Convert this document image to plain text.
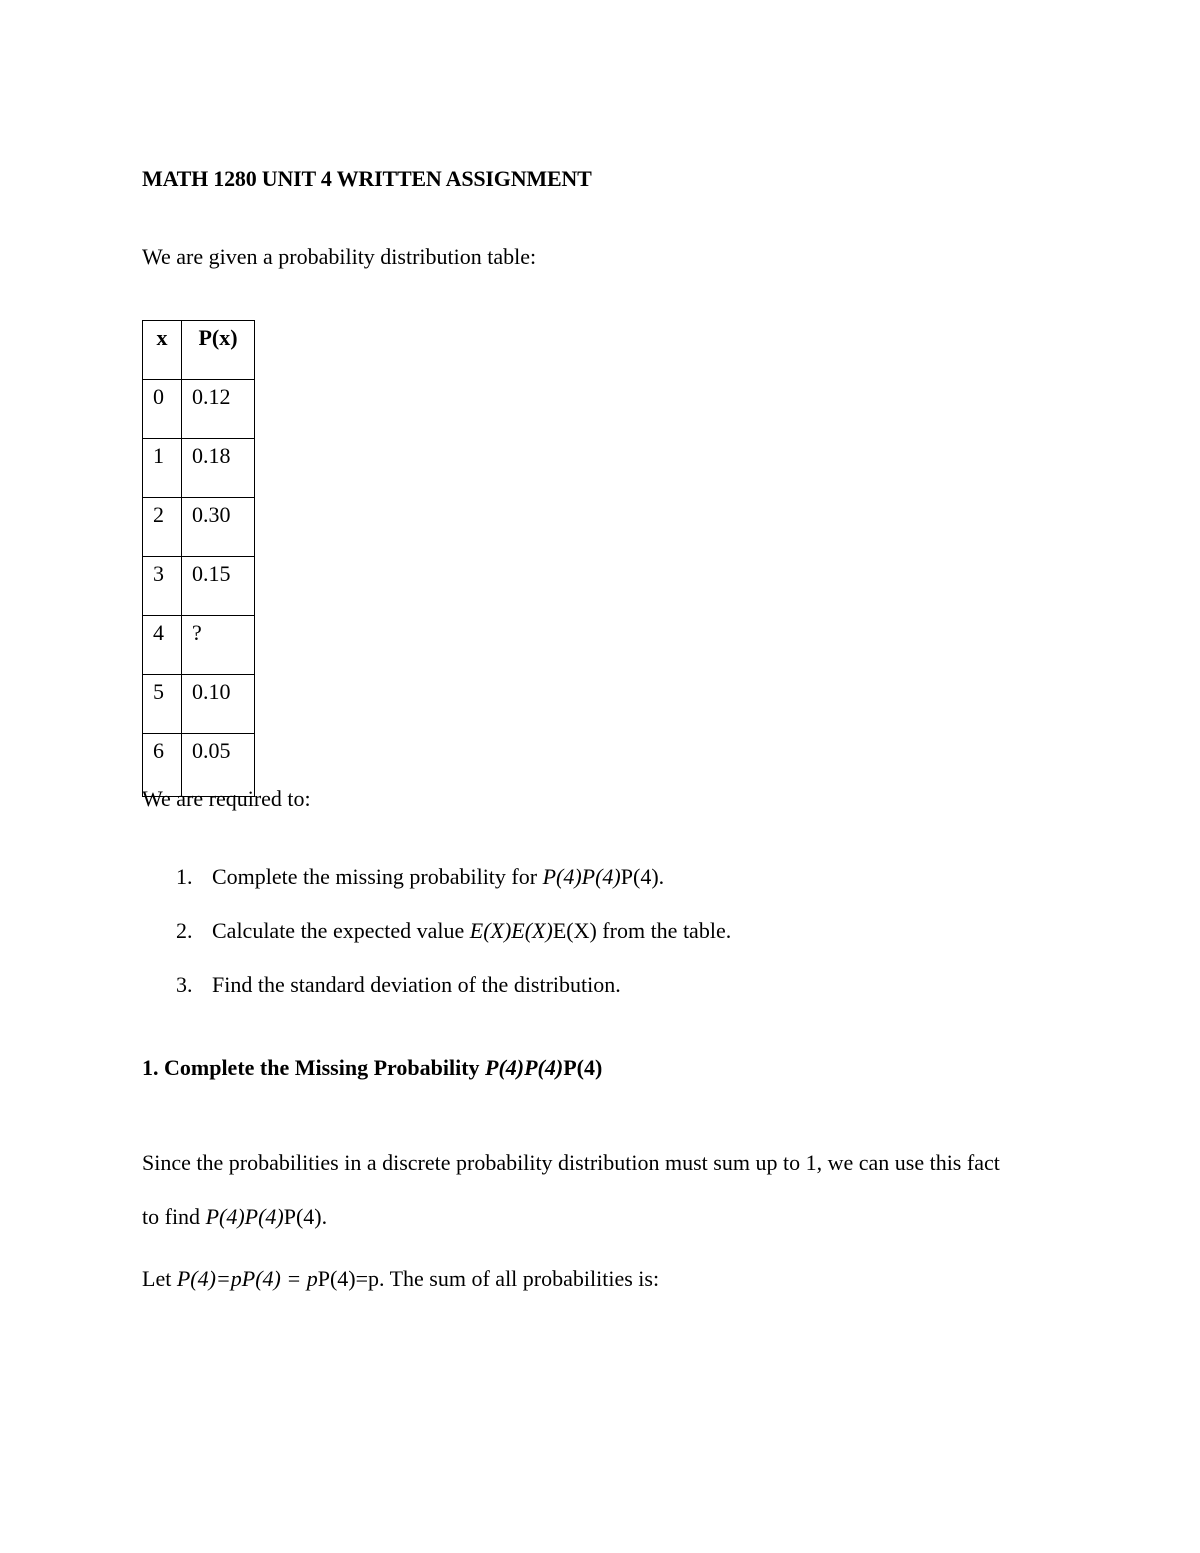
MATH 1280 UNIT 4 WRITTEN ASSIGNMENT
We are given a probability distribution table:
x	P(x)
0	0.12
1	0.18
2	0.30
3	0.15
4	?
5	0.10
6	0.05
We are required to:
1. Complete the missing probability for P(4)P(4)P(4).
2. Calculate the expected value E(X)E(X)E(X) from the table.
3. Find the standard deviation of the distribution.
1. Complete the Missing Probability P(4)P(4)P(4)
Since the probabilities in a discrete probability distribution must sum up to 1, we can use this fact
to find P(4)P(4)P(4).
Let P(4)=pP(4) = pP(4)=p. The sum of all probabilities is:
